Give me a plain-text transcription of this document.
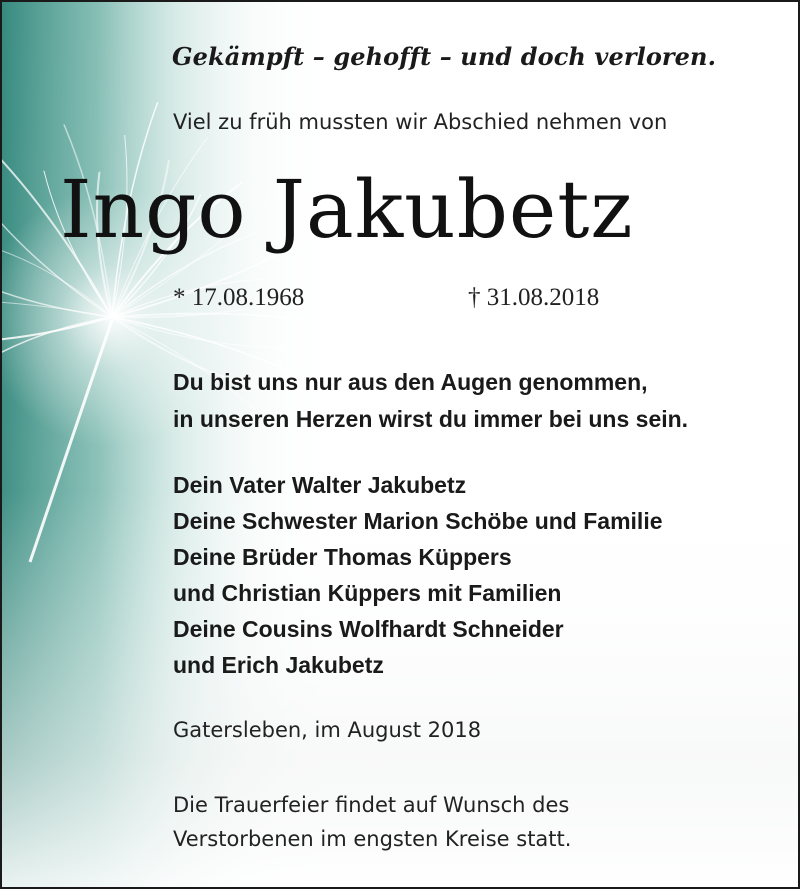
Gekämpft – gehofft – und doch verloren.
Viel zu früh mussten wir Abschied nehmen von
Ingo Jakubetz
* 17.08.1968	† 31.08.2018
Du bist uns nur aus den Augen genommen,
in unseren Herzen wirst du immer bei uns sein.
Dein Vater Walter Jakubetz
Deine Schwester Marion Schöbe und Familie
Deine Brüder Thomas Küppers
und Christian Küppers mit Familien
Deine Cousins Wolfhardt Schneider
und Erich Jakubetz
Gatersleben, im August 2018
Die Trauerfeier findet auf Wunsch des
Verstorbenen im engsten Kreise statt.
